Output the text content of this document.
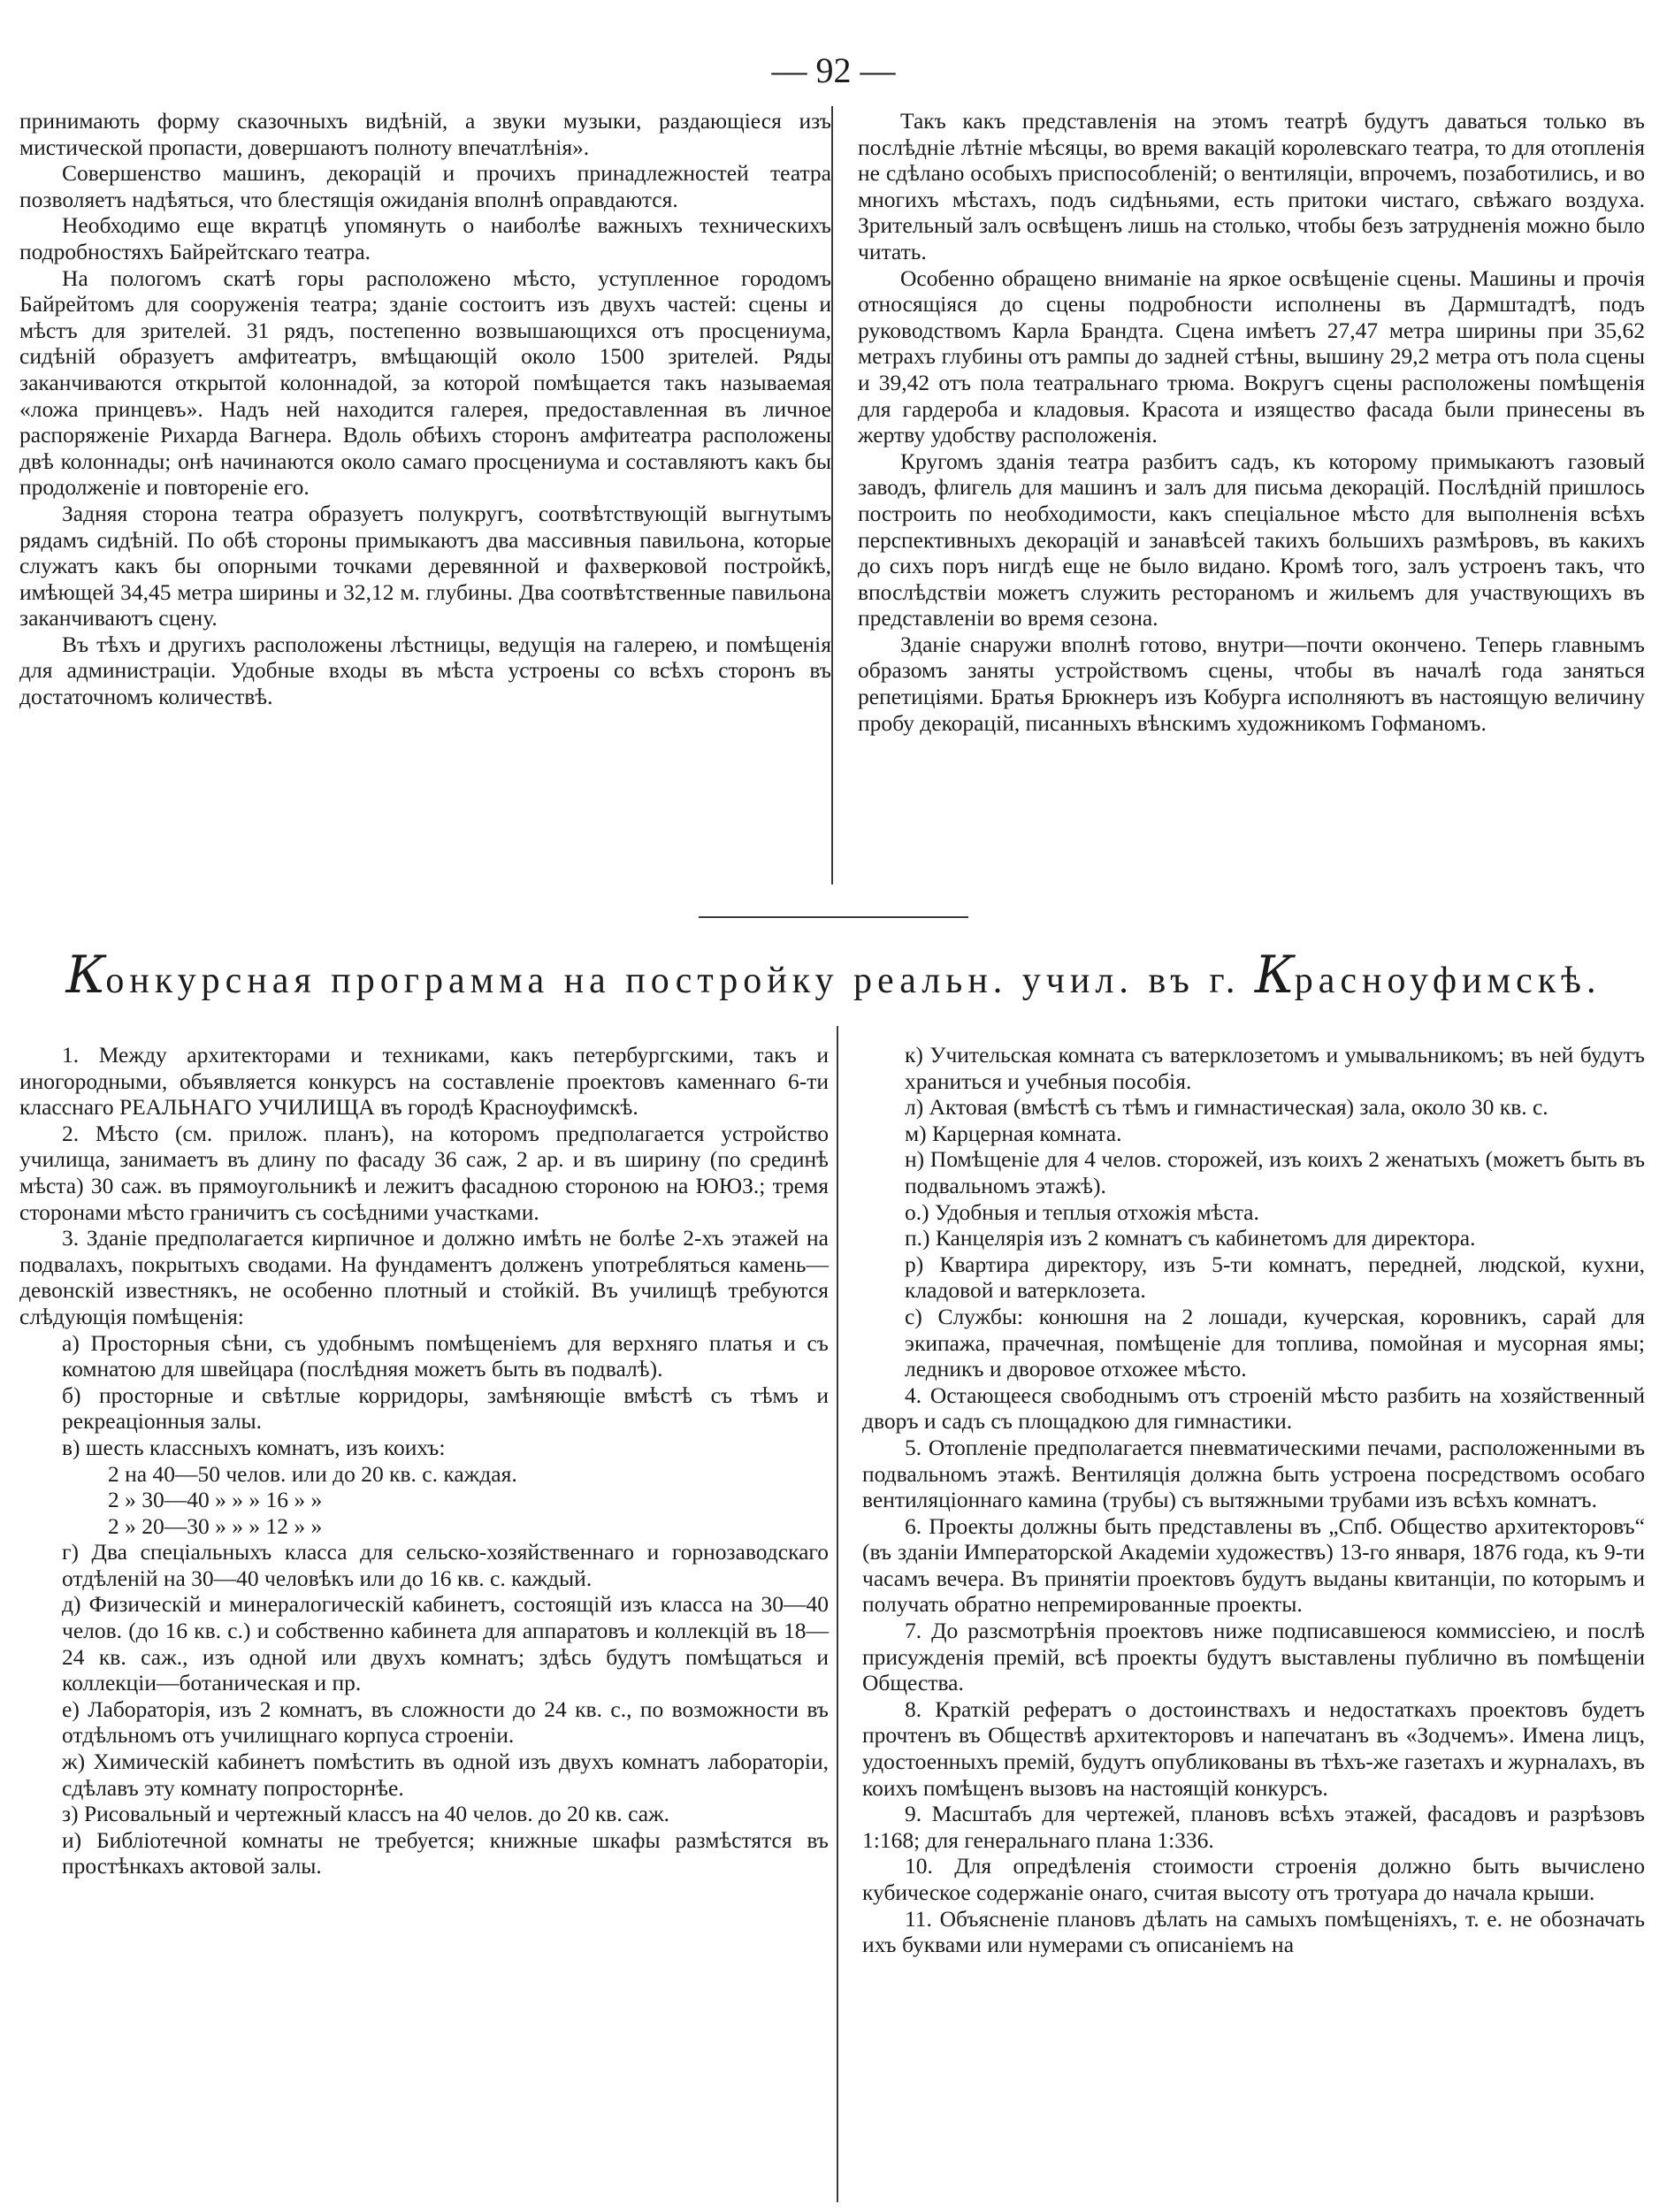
— 92 —

принимають форму сказочныхъ видѣній, а звуки музыки, раздающіеся изъ мистической пропасти, довершаютъ полноту впечатлѣнія».

Совершенство машинъ, декорацій и прочихъ принадлежностей театра позволяетъ надѣяться, что блестящія ожиданія вполнѣ оправдаются.

Необходимо еще вкратцѣ упомянуть о наиболѣе важныхъ техническихъ подробностяхъ Байрейтскаго театра.

На пологомъ скатѣ горы расположено мѣсто, уступленное городомъ Байрейтомъ для сооруженія театра; зданіе состоитъ изъ двухъ частей: сцены и мѣстъ для зрителей. 31 рядъ, постепенно возвышающихся отъ просцениума, сидѣній образуетъ амфитеатръ, вмѣщающій около 1500 зрителей. Ряды заканчиваются открытой колоннадой, за которой помѣщается такъ называемая «ложа принцевъ». Надъ ней находится галерея, предоставленная въ личное распоряженіе Рихарда Вагнера. Вдоль обѣихъ сторонъ амфитеатра расположены двѣ колоннады; онѣ начинаются около самаго просцениума и составляютъ какъ бы продолженіе и повтореніе его.

Задняя сторона театра образуетъ полукругъ, соотвѣтствующій выгнутымъ рядамъ сидѣній. По обѣ стороны примыкаютъ два массивныя павильона, которые служатъ какъ бы опорными точками деревянной и фахверковой постройкѣ, имѣющей 34,45 метра ширины и 32,12 м. глубины. Два соотвѣтственные павильона заканчиваютъ сцену.

Въ тѣхъ и другихъ расположены лѣстницы, ведущія на галерею, и помѣщенія для администраціи. Удобные входы въ мѣста устроены со всѣхъ сторонъ въ достаточномъ количествѣ.

Такъ какъ представленія на этомъ театрѣ будутъ даваться только въ послѣдніе лѣтніе мѣсяцы, во время вакацій королевскаго театра, то для отопленія не сдѣлано особыхъ приспособленій; о вентиляціи, впрочемъ, позаботились, и во многихъ мѣстахъ, подъ сидѣньями, есть притоки чистаго, свѣжаго воздуха. Зрительный залъ освѣщенъ лишь на столько, чтобы безъ затрудненія можно было читать.

Особенно обращено вниманіе на яркое освѣщеніе сцены. Машины и прочія относящіяся до сцены подробности исполнены въ Дармштадтѣ, подъ руководствомъ Карла Брандта. Сцена имѣетъ 27,47 метра ширины при 35,62 метрахъ глубины отъ рампы до задней стѣны, вышину 29,2 метра отъ пола сцены и 39,42 отъ пола театральнаго трюма. Вокругъ сцены расположены помѣщенія для гардероба и кладовыя. Красота и изящество фасада были принесены въ жертву удобству расположенія.

Кругомъ зданія театра разбитъ садъ, къ которому примыкаютъ газовый заводъ, флигель для машинъ и залъ для письма декорацій. Послѣдній пришлось построить по необходимости, какъ спеціальное мѣсто для выполненія всѣхъ перспективныхъ декорацій и занавѣсей такихъ большихъ размѣровъ, въ какихъ до сихъ поръ нигдѣ еще не было видано. Кромѣ того, залъ устроенъ такъ, что впослѣдствіи можетъ служить рестораномъ и жильемъ для участвующихъ въ представленіи во время сезона.

Зданіе снаружи вполнѣ готово, внутри—почти окончено. Теперь главнымъ образомъ заняты устройствомъ сцены, чтобы въ началѣ года заняться репетиціями. Братья Брюкнеръ изъ Кобурга исполняютъ въ настоящую величину пробу декорацій, писанныхъ вѣнскимъ художникомъ Гофманомъ.

Конкурсная программа на постройку реальн. учил. въ г. Красноуфимскѣ.

1. Между архитекторами и техниками, какъ петербургскими, такъ и иногородными, объявляется конкурсъ на составленіе проектовъ каменнаго 6-ти класснаго РЕАЛЬНАГО УЧИЛИЩА въ городѣ Красноуфимскѣ.

2. Мѣсто (см. прилож. планъ), на которомъ предполагается устройство училища, занимаетъ въ длину по фасаду 36 саж, 2 ар. и въ ширину (по срединѣ мѣста) 30 саж. въ прямоугольникѣ и лежитъ фасадною стороною на ЮЮЗ.; тремя сторонами мѣсто граничитъ съ сосѣдними участками.

3. Зданіе предполагается кирпичное и должно имѣть не болѣе 2-хъ этажей на подвалахъ, покрытыхъ сводами. На фундаментъ долженъ употребляться камень—девонскій известнякъ, не особенно плотный и стойкій. Въ училищѣ требуются слѣдующія помѣщенія:

а) Просторныя сѣни, съ удобнымъ помѣщеніемъ для верхняго платья и съ комнатою для швейцара (послѣдняя можетъ быть въ подвалѣ).
б) просторные и свѣтлые корридоры, замѣняющіе вмѣстѣ съ тѣмъ и рекреаціонныя залы.
в) шесть классныхъ комнатъ, изъ коихъ:
2 на 40—50 челов. или до 20 кв. с. каждая.
2 » 30—40 » » » 16 » »
2 » 20—30 » » » 12 » »
г) Два спеціальныхъ класса для сельско-хозяйственнаго и горнозаводскаго отдѣленій на 30—40 человѣкъ или до 16 кв. с. каждый.
д) Физическій и минералогическій кабинетъ, состоящій изъ класса на 30—40 челов. (до 16 кв. с.) и собственно кабинета для аппаратовъ и коллекцій въ 18—24 кв. саж., изъ одной или двухъ комнатъ; здѣсь будутъ помѣщаться и коллекціи—ботаническая и пр.
е) Лабораторія, изъ 2 комнатъ, въ сложности до 24 кв. с., по возможности въ отдѣльномъ отъ училищнаго корпуса строеніи.
ж) Химическій кабинетъ помѣстить въ одной изъ двухъ комнатъ лабораторіи, сдѣлавъ эту комнату попросторнѣе.
з) Рисовальный и чертежный классъ на 40 челов. до 20 кв. саж.
и) Библіотечной комнаты не требуется; книжные шкафы размѣстятся въ простѣнкахъ актовой залы.
к) Учительская комната съ ватерклозетомъ и умывальникомъ; въ ней будутъ храниться и учебныя пособія.
л) Актовая (вмѣстѣ съ тѣмъ и гимнастическая) зала, около 30 кв. с.
м) Карцерная комната.
н) Помѣщеніе для 4 челов. сторожей, изъ коихъ 2 женатыхъ (можетъ быть въ подвальномъ этажѣ).
о.) Удобныя и теплыя отхожія мѣста.
п.) Канцелярія изъ 2 комнатъ съ кабинетомъ для директора.
р) Квартира директору, изъ 5-ти комнатъ, передней, людской, кухни, кладовой и ватерклозета.
с) Службы: конюшня на 2 лошади, кучерская, коровникъ, сарай для экипажа, прачечная, помѣщеніе для топлива, помойная и мусорная ямы; ледникъ и дворовое отхожее мѣсто.

4. Остающееся свободнымъ отъ строеній мѣсто разбить на хозяйственный дворъ и садъ съ площадкою для гимнастики.

5. Отопленіе предполагается пневматическими печами, расположенными въ подвальномъ этажѣ. Вентиляція должна быть устроена посредствомъ особаго вентиляціоннаго камина (трубы) съ вытяжными трубами изъ всѣхъ комнатъ.

6. Проекты должны быть представлены въ „Спб. Общество архитекторовъ“ (въ зданіи Императорской Академіи художествъ) 13-го января, 1876 года, къ 9-ти часамъ вечера. Въ принятіи проектовъ будутъ выданы квитанціи, по которымъ и получать обратно непремированные проекты.

7. До разсмотрѣнія проектовъ ниже подписавшеюся коммиссіею, и послѣ присужденія премій, всѣ проекты будутъ выставлены публично въ помѣщеніи Общества.

8. Краткій рефератъ о достоинствахъ и недостаткахъ проектовъ будетъ прочтенъ въ Обществѣ архитекторовъ и напечатанъ въ «Зодчемъ». Имена лицъ, удостоенныхъ премій, будутъ опубликованы въ тѣхъ-же газетахъ и журналахъ, въ коихъ помѣщенъ вызовъ на настоящій конкурсъ.

9. Масштабъ для чертежей, плановъ всѣхъ этажей, фасадовъ и разрѣзовъ 1:168; для генеральнаго плана 1:336.

10. Для опредѣленія стоимости строенія должно быть вычислено кубическое содержаніе онаго, считая высоту отъ тротуара до начала крыши.

11. Объясненіе плановъ дѣлать на самыхъ помѣщеніяхъ, т. е. не обозначать ихъ буквами или нумерами съ описаніемъ на
